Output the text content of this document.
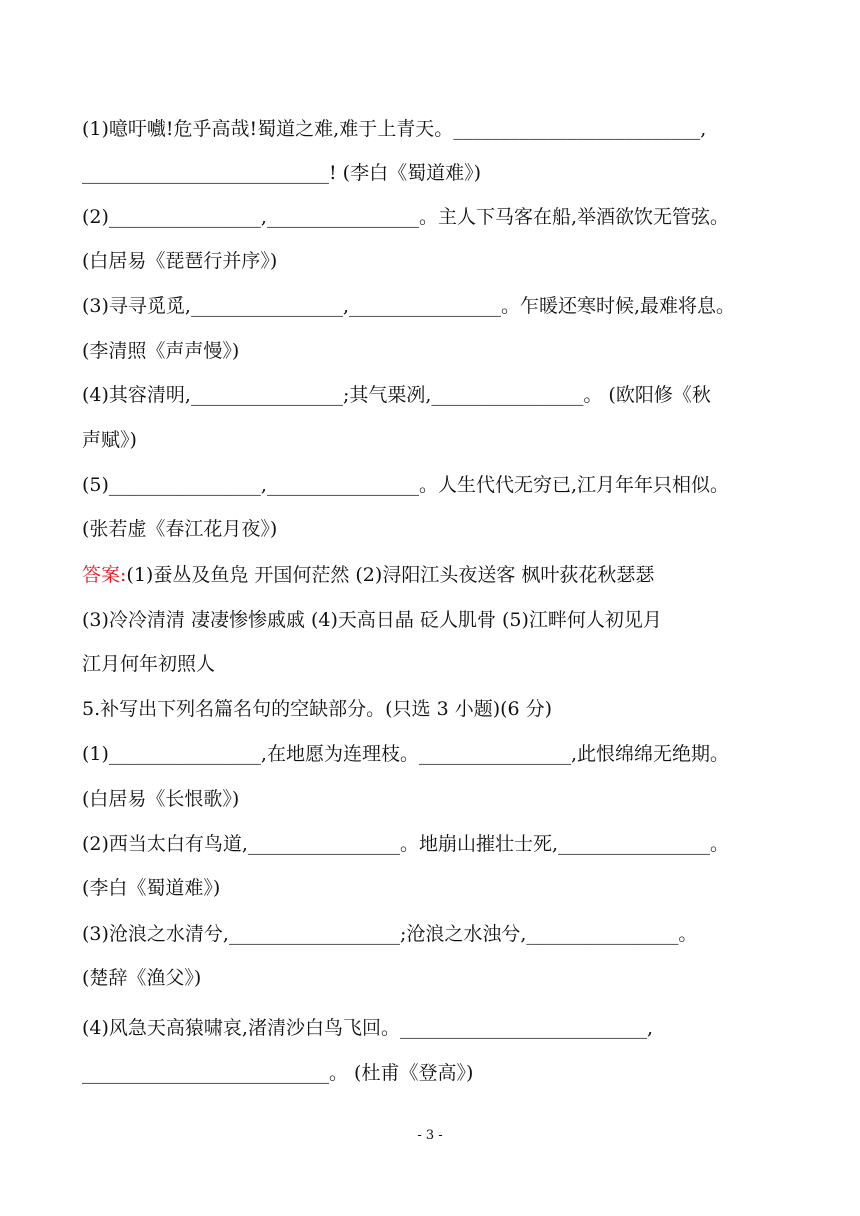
(1)噫吁嚱!危乎高哉!蜀道之难,难于上青天。__________________________,
__________________________! (李白《蜀道难》)
(2)________________,________________。主人下马客在船,举酒欲饮无管弦。
(白居易《琵琶行并序》)
(3)寻寻觅觅,________________,________________。乍暖还寒时候,最难将息。
(李清照《声声慢》)
(4)其容清明,________________;其气栗冽,________________。 (欧阳修《秋
声赋》)
(5)________________,________________。人生代代无穷已,江月年年只相似。
(张若虚《春江花月夜》)
答案:(1)蚕丛及鱼凫 开国何茫然 (2)浔阳江头夜送客 枫叶荻花秋瑟瑟
(3)冷冷清清 凄凄惨惨戚戚 (4)天高日晶 砭人肌骨 (5)江畔何人初见月
江月何年初照人
5.补写出下列名篇名句的空缺部分。(只选 3 小题)(6 分)
(1)________________,在地愿为连理枝。________________,此恨绵绵无绝期。
(白居易《长恨歌》)
(2)西当太白有鸟道,________________。地崩山摧壮士死,________________。
(李白《蜀道难》)
(3)沧浪之水清兮,__________________;沧浪之水浊兮,________________。
(楚辞《渔父》)
(4)风急天高猿啸哀,渚清沙白鸟飞回。__________________________,
__________________________。 (杜甫《登高》)
- 3 -
